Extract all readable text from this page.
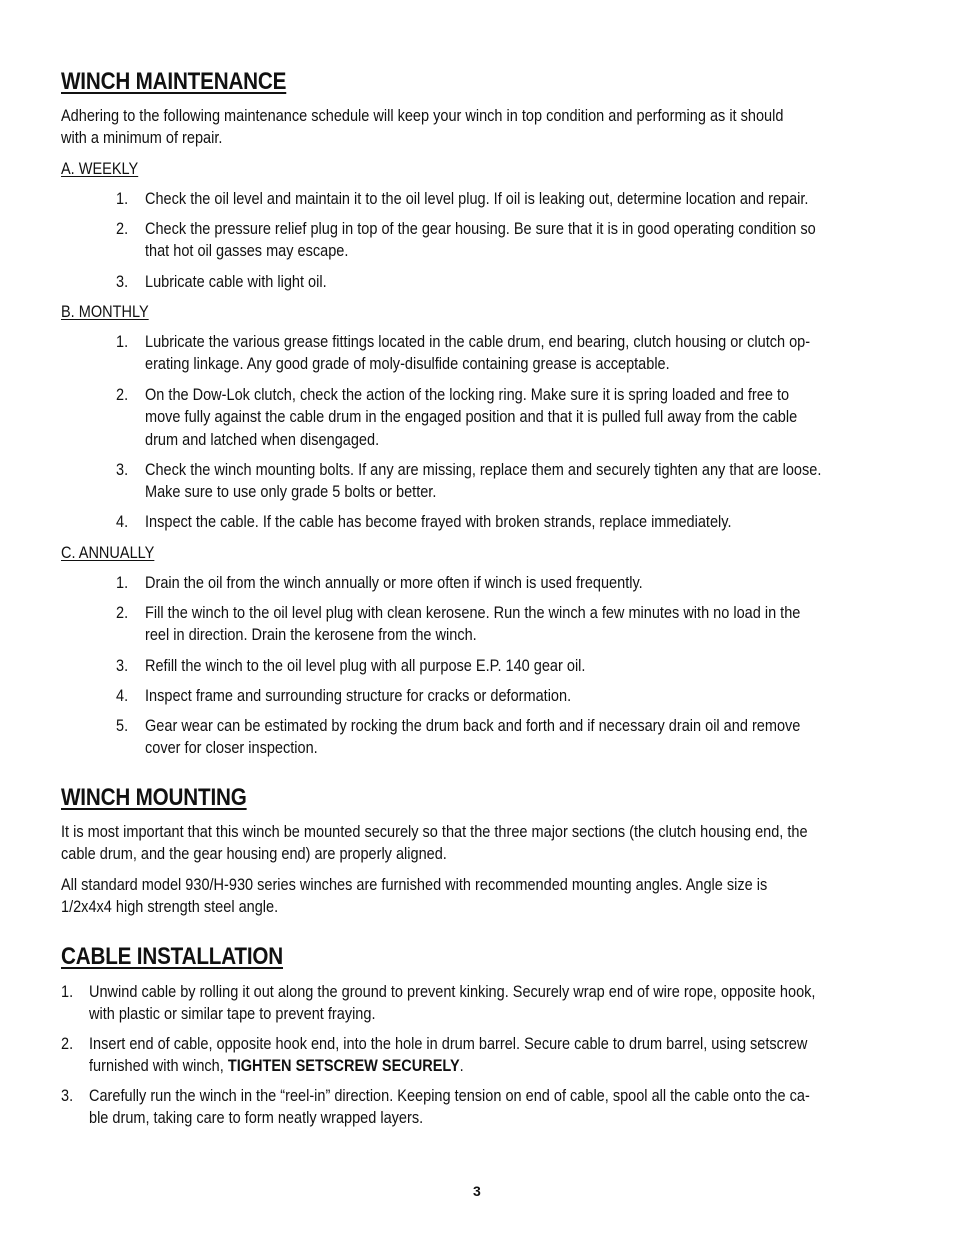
WINCH MAINTENANCE
Adhering to the following maintenance schedule will keep your winch in top condition and performing as it should
with a minimum of repair.
A. WEEKLY
1. Check the oil level and maintain it to the oil level plug. If oil is leaking out, determine location and repair.
2. Check the pressure relief plug in top of the gear housing. Be sure that it is in good operating condition so
that hot oil gasses may escape.
3. Lubricate cable with light oil.
B. MONTHLY
1. Lubricate the various grease fittings located in the cable drum, end bearing, clutch housing or clutch op-
erating linkage. Any good grade of moly-disulfide containing grease is acceptable.
2. On the Dow-Lok clutch, check the action of the locking ring. Make sure it is spring loaded and free to
move fully against the cable drum in the engaged position and that it is pulled full away from the cable
drum and latched when disengaged.
3. Check the winch mounting bolts. If any are missing, replace them and securely tighten any that are loose.
Make sure to use only grade 5 bolts or better.
4. Inspect the cable. If the cable has become frayed with broken strands, replace immediately.
C. ANNUALLY
1. Drain the oil from the winch annually or more often if winch is used frequently.
2. Fill the winch to the oil level plug with clean kerosene. Run the winch a few minutes with no load in the
reel in direction. Drain the kerosene from the winch.
3. Refill the winch to the oil level plug with all purpose E.P. 140 gear oil.
4. Inspect frame and surrounding structure for cracks or deformation.
5. Gear wear can be estimated by rocking the drum back and forth and if necessary drain oil and remove
cover for closer inspection.
WINCH MOUNTING
It is most important that this winch be mounted securely so that the three major sections (the clutch housing end, the
cable drum, and the gear housing end) are properly aligned.
All standard model 930/H-930 series winches are furnished with recommended mounting angles. Angle size is
1/2x4x4 high strength steel angle.
CABLE INSTALLATION
1. Unwind cable by rolling it out along the ground to prevent kinking. Securely wrap end of wire rope, opposite hook,
with plastic or similar tape to prevent fraying.
2. Insert end of cable, opposite hook end, into the hole in drum barrel. Secure cable to drum barrel, using setscrew
furnished with winch, TIGHTEN SETSCREW SECURELY.
3. Carefully run the winch in the “reel-in” direction. Keeping tension on end of cable, spool all the cable onto the ca-
ble drum, taking care to form neatly wrapped layers.
3
